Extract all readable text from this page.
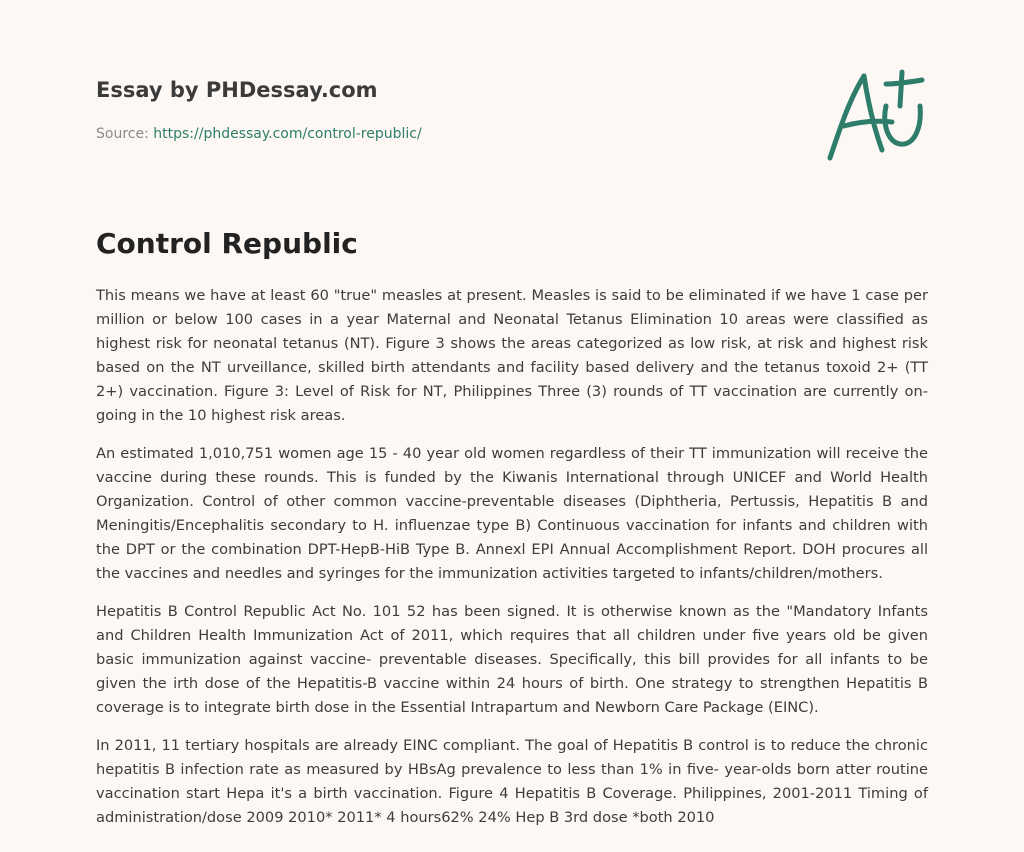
Essay by PHDessay.com
Source: https://phdessay.com/control-republic/
Control Republic

This means we have at least 60 "true" measles at present. Measles is said to be eliminated if we have 1 case per million or below 100 cases in a year Maternal and Neonatal Tetanus Elimination 10 areas were classified as highest risk for neonatal tetanus (NT). Figure 3 shows the areas categorized as low risk, at risk and highest risk based on the NT urveillance, skilled birth attendants and facility based delivery and the tetanus toxoid 2+ (TT 2+) vaccination. Figure 3: Level of Risk for NT, Philippines Three (3) rounds of TT vaccination are currently on-going in the 10 highest risk areas.

An estimated 1,010,751 women age 15 - 40 year old women regardless of their TT immunization will receive the vaccine during these rounds. This is funded by the Kiwanis International through UNICEF and World Health Organization. Control of other common vaccine-preventable diseases (Diphtheria, Pertussis, Hepatitis B and Meningitis/Encephalitis secondary to H. influenzae type B) Continuous vaccination for infants and children with the DPT or the combination DPT-HepB-HiB Type B. Annexl EPI Annual Accomplishment Report. DOH procures all the vaccines and needles and syringes for the immunization activities targeted to infants/children/mothers.

Hepatitis B Control Republic Act No. 101 52 has been signed. It is otherwise known as the "Mandatory Infants and Children Health Immunization Act of 2011, which requires that all children under five years old be given basic immunization against vaccine- preventable diseases. Specifically, this bill provides for all infants to be given the irth dose of the Hepatitis-B vaccine within 24 hours of birth. One strategy to strengthen Hepatitis B coverage is to integrate birth dose in the Essential Intrapartum and Newborn Care Package (EINC).

In 2011, 11 tertiary hospitals are already EINC compliant. The goal of Hepatitis B control is to reduce the chronic hepatitis B infection rate as measured by HBsAg prevalence to less than 1% in five- year-olds born atter routine vaccination start Hepa it's a birth vaccination. Figure 4 Hepatitis B Coverage. Philippines, 2001-2011 Timing of administration/dose 2009 2010* 2011* 4 hours62% 24% Hep B 3rd dose *both 2010
